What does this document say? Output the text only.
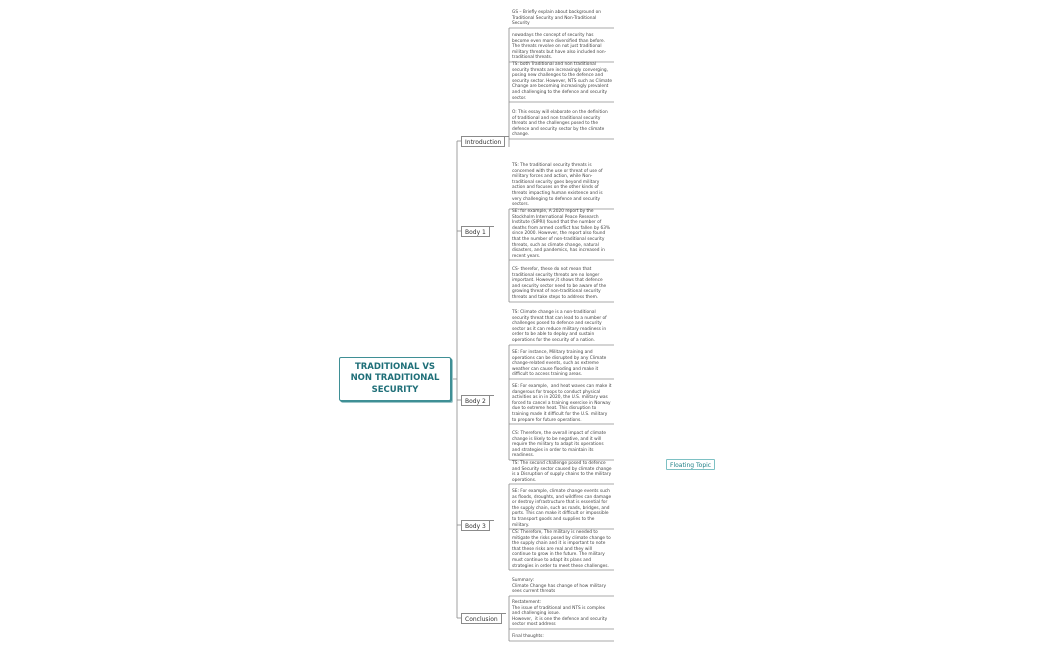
TRADITIONAL VS NON TRADITIONAL SECURITY
Introduction
GS – Briefly explain about background on Traditional Security and Non-Traditional Security
nowadays the concept of security has become even more diversified than before. The threats revolve on not just traditional military threats but have also included non-traditional threats.
TS: both Traditional and non traditional security threats are increasingly converging, posing new challenges to the defence and security sector. However, NTS such as Climate Change are becoming increasingly prevalent and challenging to the defence and security sector.
O: This essay will elaborate on the definition of traditional and non traditional security threats and the challenges posed to the defence and security sector by the climate change.
Body 1
TS: The traditional security threats is concerned with the use or threat of use of military forces and action, while Non-traditional security goes beyond military action and focuses on the other kinds of threats impacting human existence and is very challenging to defence and security sectors.
SE: for example, A 2020 report by the Stockholm International Peace Research Institute (SIPRI) found that the number of deaths from armed conflict has fallen by 63% since 2000. However, the report also found that the number of non-traditional security threats, such as climate change, natural disasters, and pandemics, has increased in recent years.
CS- therefor, these do not mean that traditional security threats are no longer important. However,it shows that defence and security sector need to be aware of the growing threat of non-traditional security threats and take steps to address them.
Body 2
TS: Climate change is a non-traditional security threat that can lead to a number of challenges posed to defence and security sector as it can reduce military readiness in order to be able to deploy and sustain operations for the security of a nation.
SE: For instance, Military training and operations can be disrupted by any Climate change-related events, such as extreme weather can cause flooding and make it difficult to access training areas.
SE: For example,  and heat waves can make it dangerous for troops to conduct physical activities as in in 2020, the U.S. military was forced to cancel a training exercise in Norway due to extreme heat. This disruption to training made it difficult for the U.S. military to prepare for future operations.
CS: Therefore, the overall impact of climate change is likely to be negative, and it will require the military to adapt its operations and strategies in order to maintain its readiness.
Body 3
TS: The second challenge posed to defence and Security sector caused by climate change is a Disruption of supply chains to the military operations.
SE: For example, climate change events such as floods, droughts, and wildfires can damage or destroy infrastructure that is essential for the supply chain, such as roads, bridges, and ports. This can make it difficult or impossible to transport goods and supplies to the military.
CS: Therefore, The military is needed to mitigate the risks posed by climate change to the supply chain and it is important to note that these risks are real and they will continue to grow in the future. The military must continue to adapt its plans and strategies in order to meet these challenges.
Conclusion
Summary:
Climate Change has change of how military sees current threats
Restatement:
The issue of traditional and NTS is complex and challenging issue.
However,  it is one the defence and security sector most address
Final thoughts:
Floating Topic
